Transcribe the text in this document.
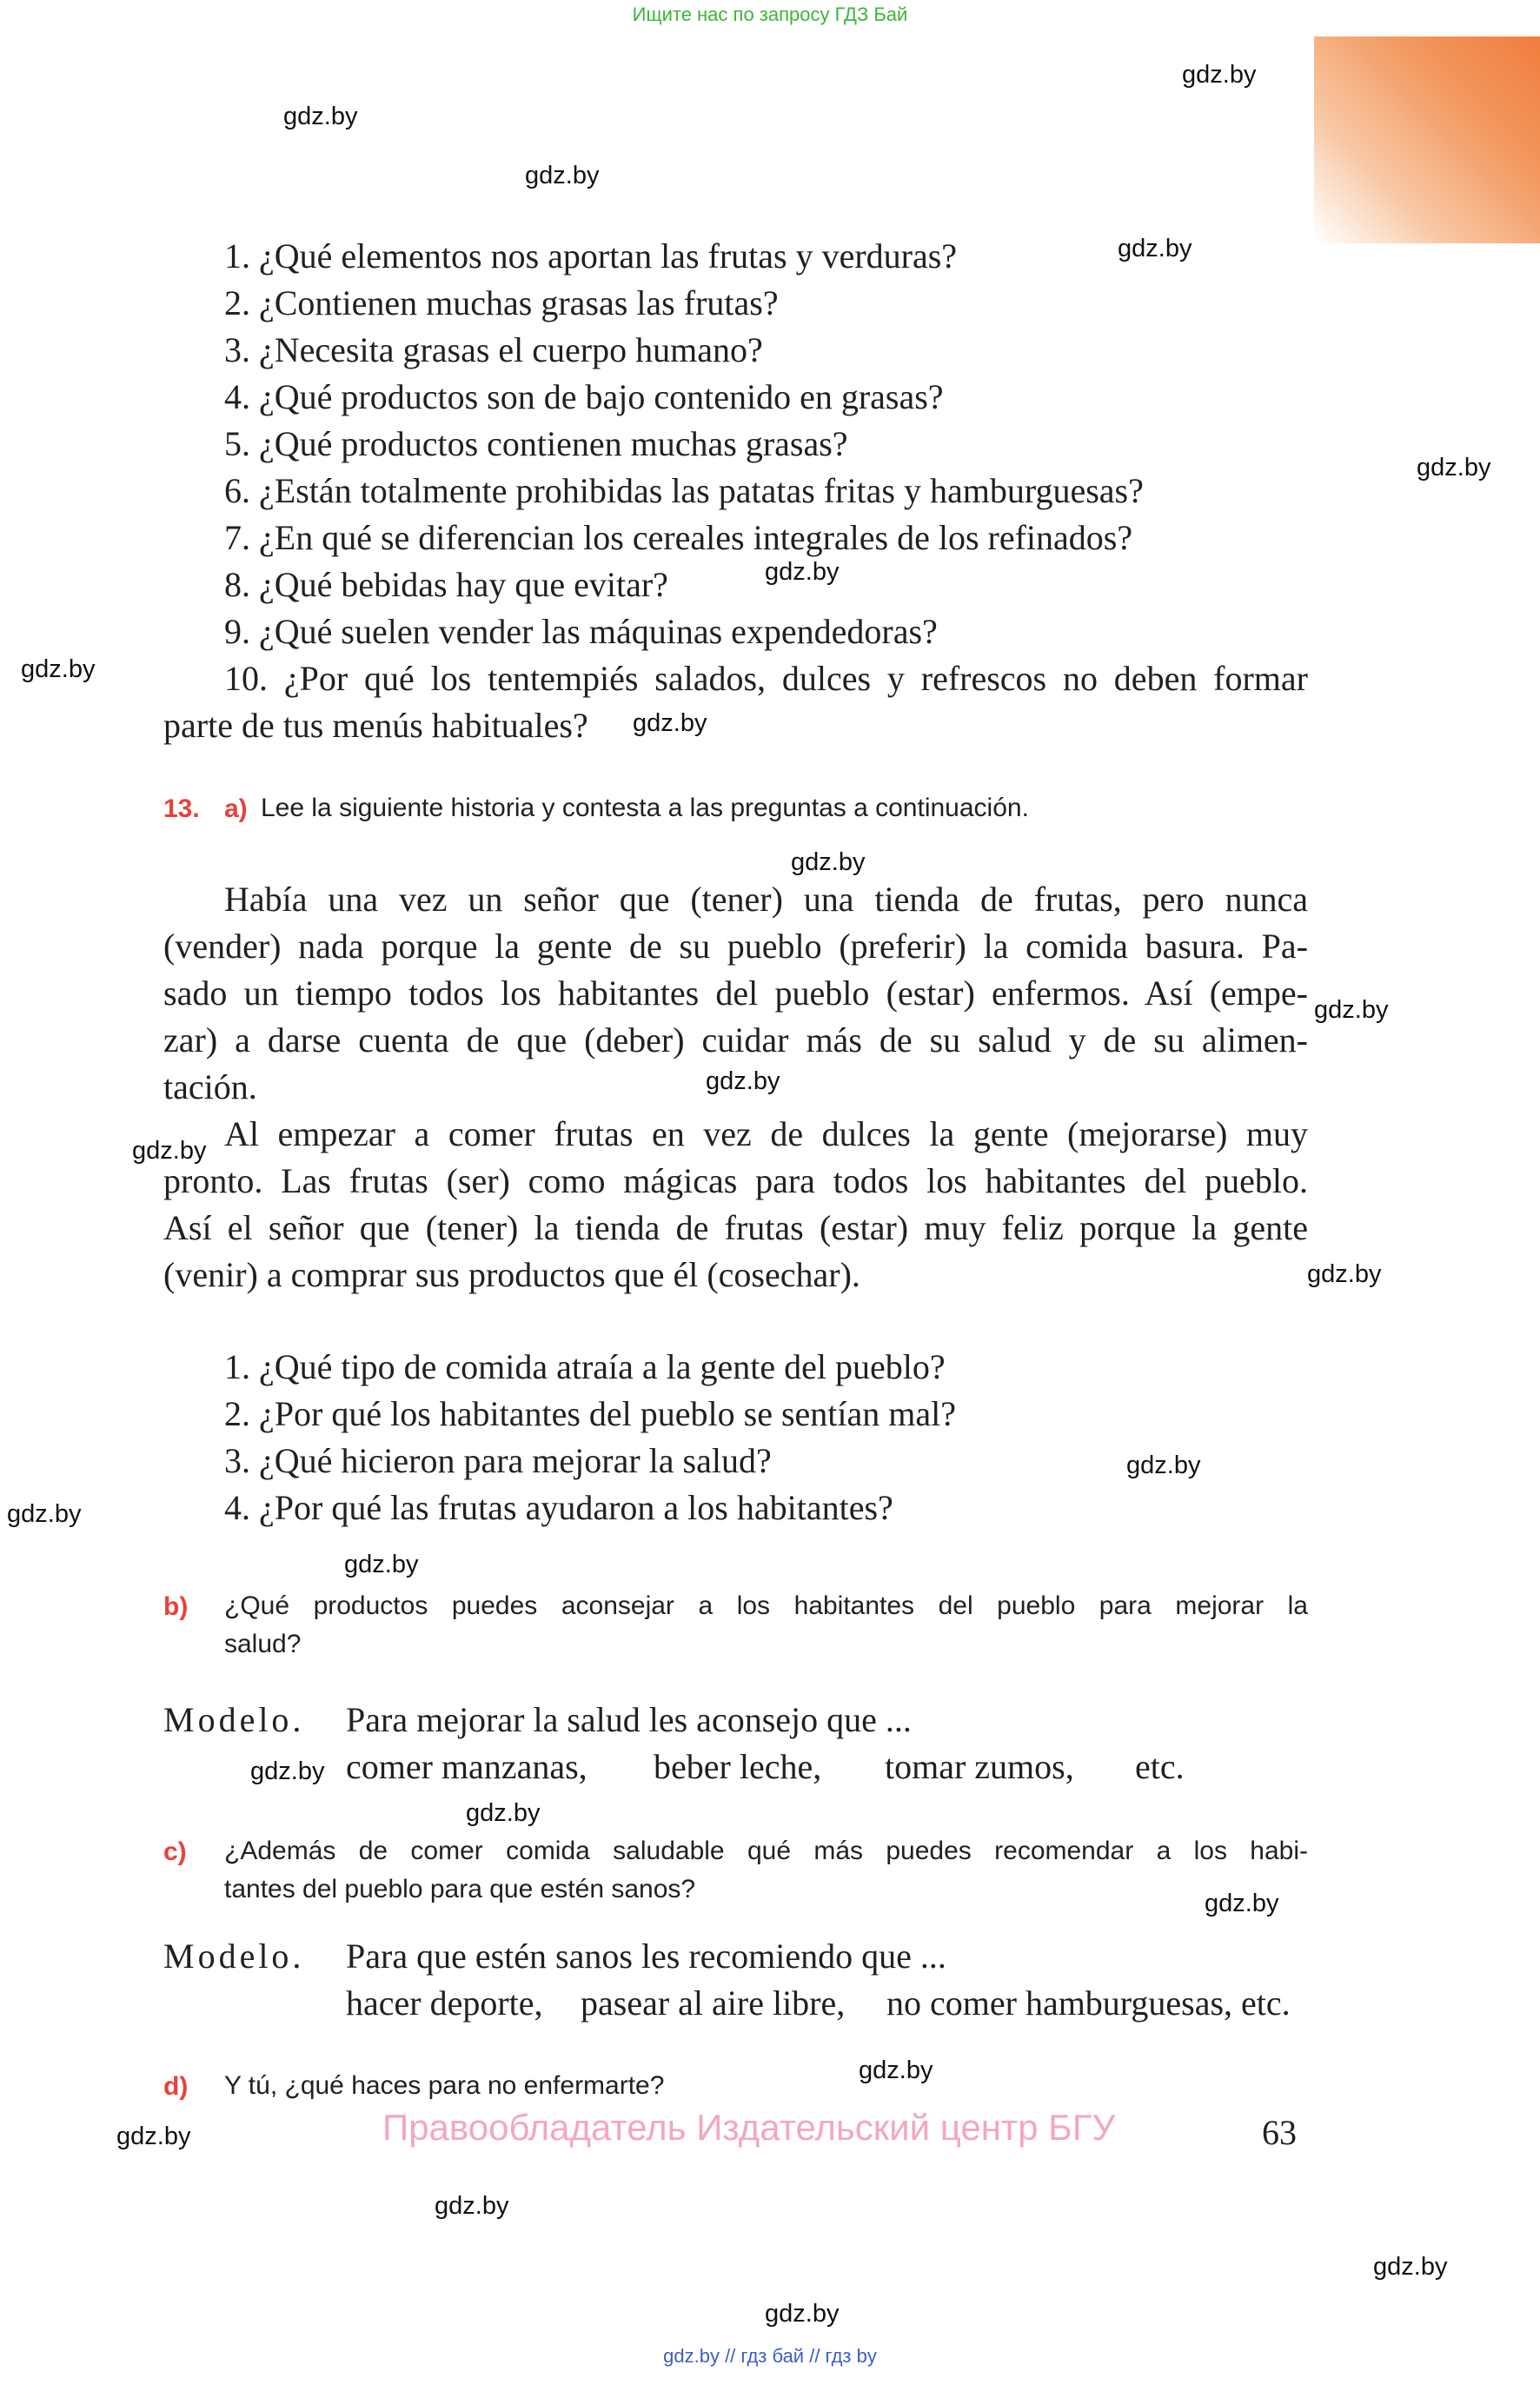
Ищите нас по запросу ГДЗ Бай
1. ¿Qué elementos nos aportan las frutas y verduras?
2. ¿Contienen muchas grasas las frutas?
3. ¿Necesita grasas el cuerpo humano?
4. ¿Qué productos son de bajo contenido en grasas?
5. ¿Qué productos contienen muchas grasas?
6. ¿Están totalmente prohibidas las patatas fritas y hamburguesas?
7. ¿En qué se diferencian los cereales integrales de los refinados?
8. ¿Qué bebidas hay que evitar?
9. ¿Qué suelen vender las máquinas expendedoras?
10. ¿Por qué los tentempiés salados, dulces y refrescos no deben formar
parte de tus menús habituales?
13. a) Lee la siguiente historia y contesta a las preguntas a continuación.
Había una vez un señor que (tener) una tienda de frutas, pero nunca
(vender) nada porque la gente de su pueblo (preferir) la comida basura. Pa-
sado un tiempo todos los habitantes del pueblo (estar) enfermos. Así (empe-
zar) a darse cuenta de que (deber) cuidar más de su salud y de su alimen-
tación.
Al empezar a comer frutas en vez de dulces la gente (mejorarse) muy
pronto. Las frutas (ser) como mágicas para todos los habitantes del pueblo.
Así el señor que (tener) la tienda de frutas (estar) muy feliz porque la gente
(venir) a comprar sus productos que él (cosechar).
1. ¿Qué tipo de comida atraía a la gente del pueblo?
2. ¿Por qué los habitantes del pueblo se sentían mal?
3. ¿Qué hicieron para mejorar la salud?
4. ¿Por qué las frutas ayudaron a los habitantes?
b) ¿Qué productos puedes aconsejar a los habitantes del pueblo para mejorar la
salud?
Modelo. Para mejorar la salud les aconsejo que ...
comer manzanas, beber leche, tomar zumos, etc.
c) ¿Además de comer comida saludable qué más puedes recomendar a los habi-
tantes del pueblo para que estén sanos?
Modelo. Para que estén sanos les recomiendo que ...
hacer deporte, pasear al aire libre, no comer hamburguesas, etc.
d) Y tú, ¿qué haces para no enfermarte?
Правообладатель Издательский центр БГУ	63
gdz.by // гдз бай // гдз by
gdz.by
gdz.by
gdz.by
gdz.by
gdz.by
gdz.by
gdz.by
gdz.by
gdz.by
gdz.by
gdz.by
gdz.by
gdz.by
gdz.by
gdz.by
gdz.by
gdz.by
gdz.by
gdz.by
gdz.by
gdz.by
gdz.by
gdz.by
gdz.by
